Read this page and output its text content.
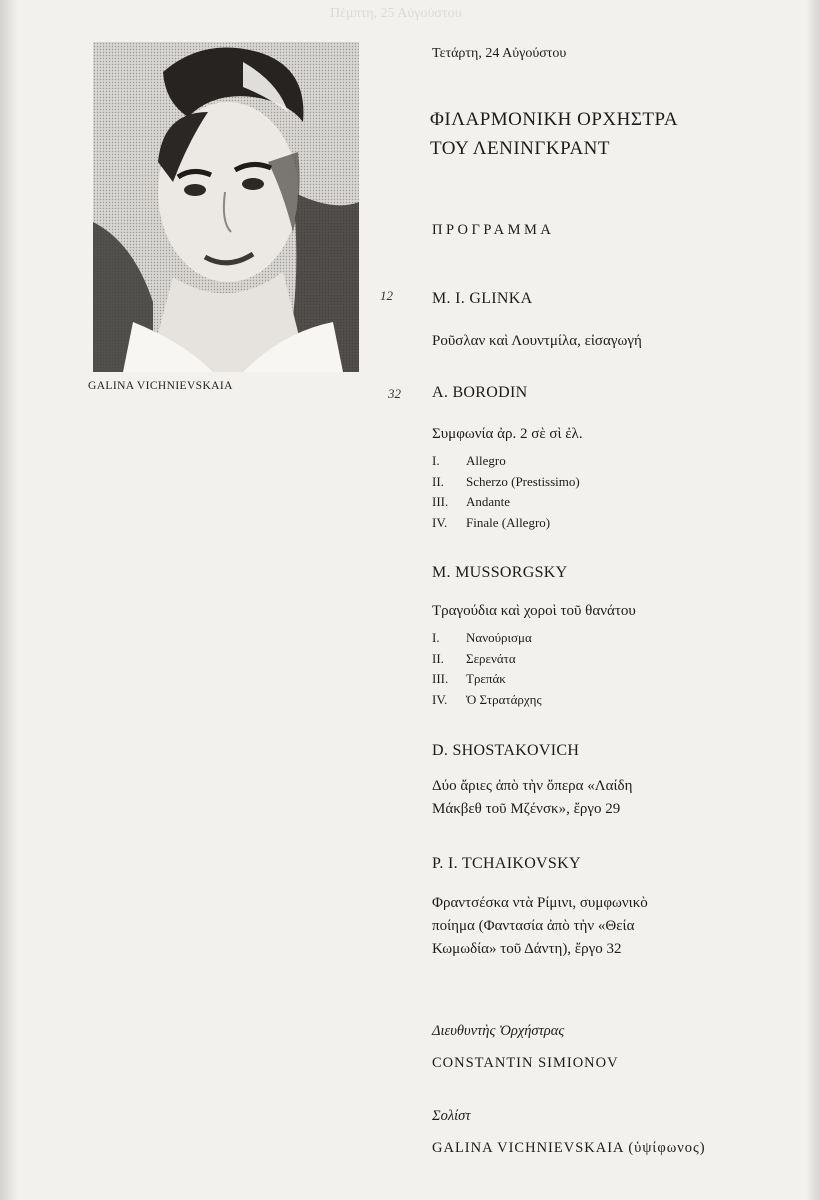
GALINA VICHNIEVSKAIA
Πέμπτη, 25 Αὐγούστου
12
32
Τετάρτη, 24 Αὐγούστου
ΦΙΛΑΡΜΟΝΙΚΗ ΟΡΧΗΣΤΡΑ
ΤΟΥ ΛΕΝΙΝΓΚΡΑΝΤ
ΠΡΟΓΡΑΜΜΑ
M. I. GLINKA
Ροῦσλαν καὶ Λουντμίλα, εἰσαγωγή
A. BORODIN
Συμφωνία ἀρ. 2 σὲ σὶ ἐλ.
I.	Allegro
II.	Scherzo (Prestissimo)
III.	Andante
IV.	Finale (Allegro)
M. MUSSORGSKY
Τραγούδια καὶ χοροὶ τοῦ θανάτου
I.	Νανούρισμα
II.	Σερενάτα
III.	Τρεπάκ
IV.	Ὁ Στρατάρχης
D. SHOSTAKOVICH
Δύο ἄριες ἀπὸ τὴν ὄπερα «Λαίδη
Μάκβεθ τοῦ Μζένσκ», ἔργο 29
P. I. TCHAIKOVSKY
Φραντσέσκα ντὰ Ρίμινι, συμφωνικὸ
ποίημα (Φαντασία ἀπὸ τὴν «Θεία
Κωμωδία» τοῦ Δάντη), ἔργο 32
Διευθυντὴς Ὀρχήστρας
CONSTANTIN SIMIONOV
Σολίστ
GALINA VICHNIEVSKAIA (ὑψίφωνος)
